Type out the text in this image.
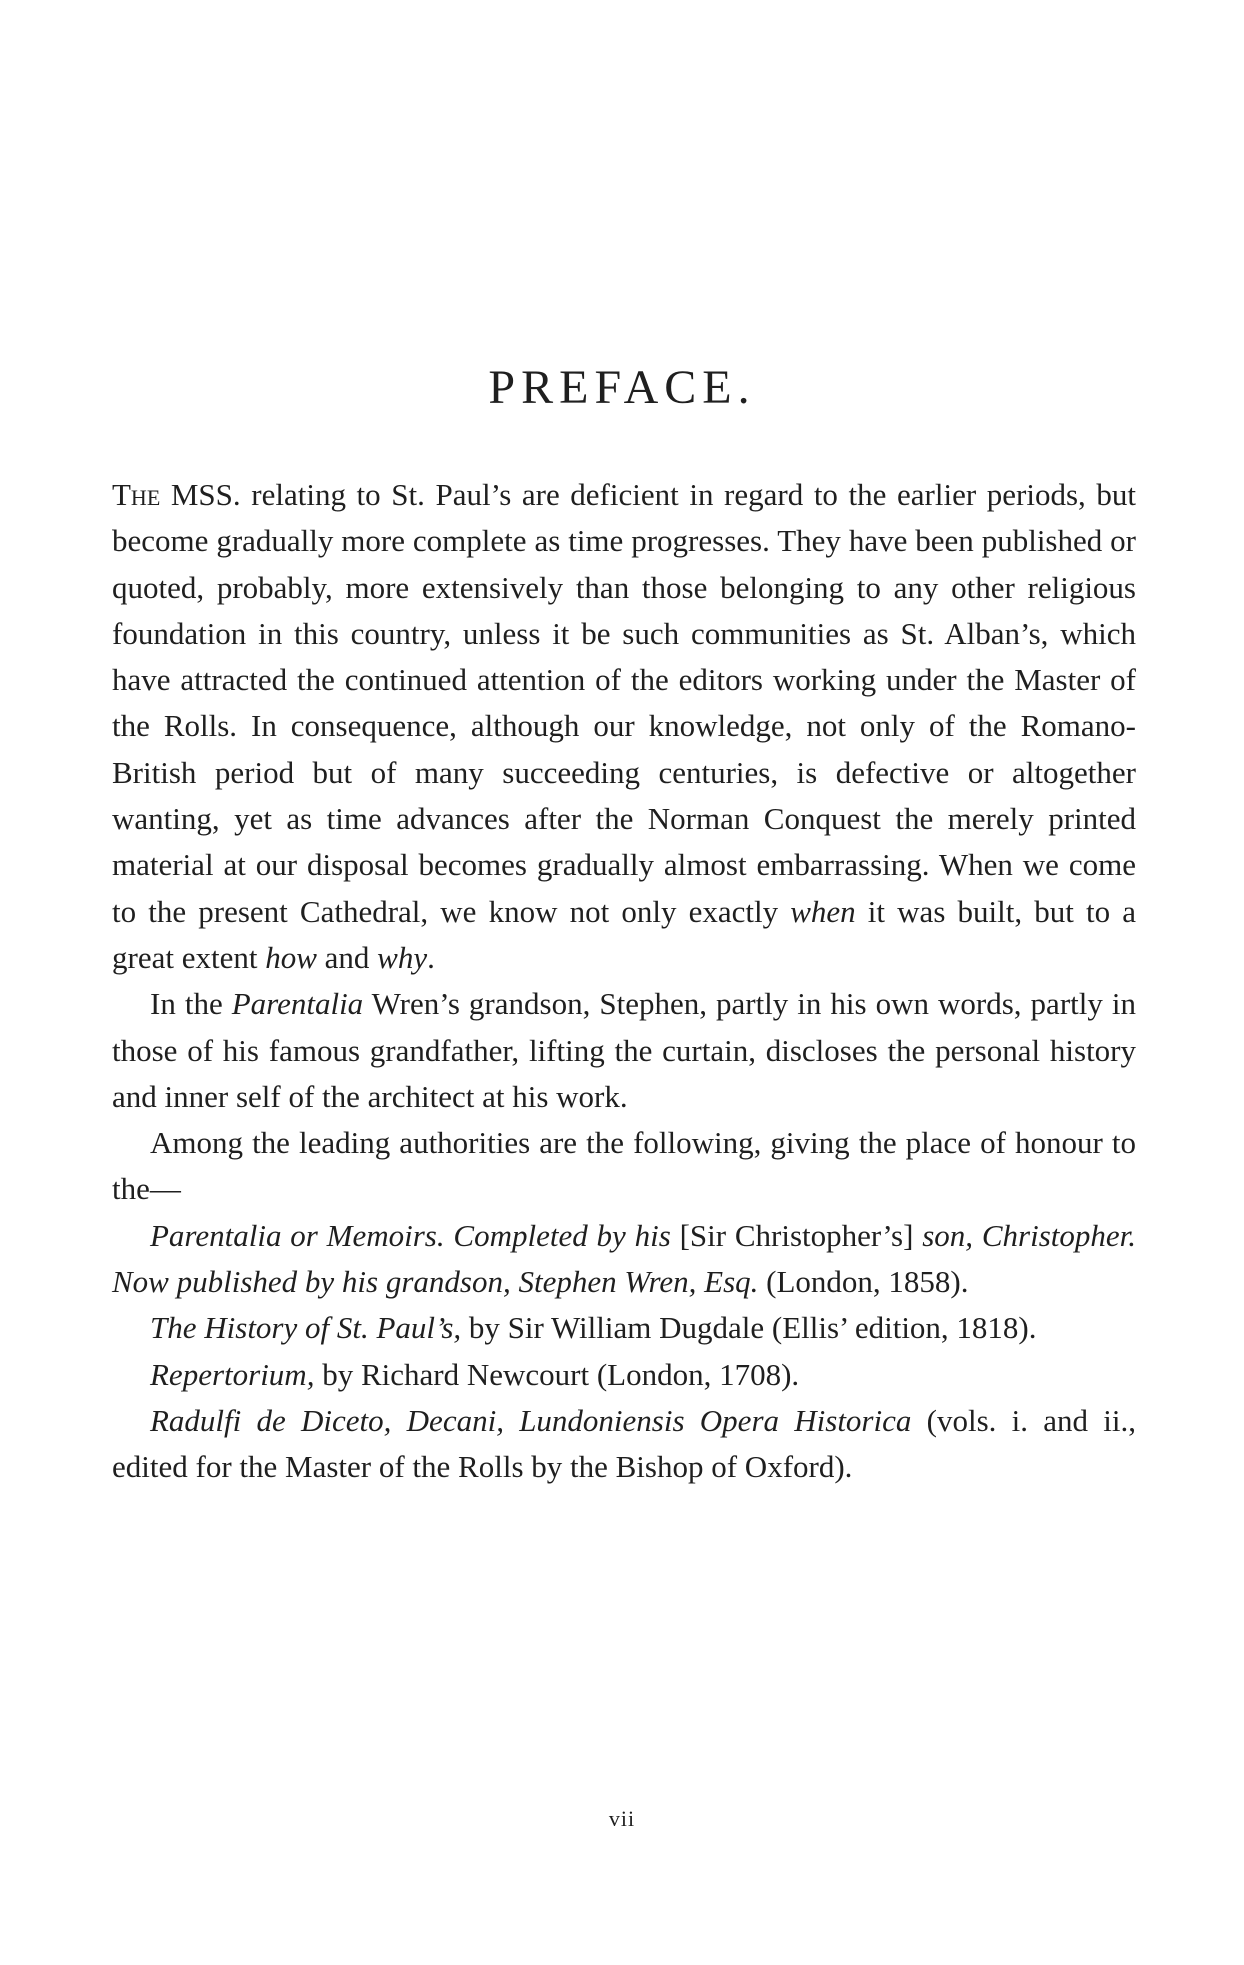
PREFACE.

The MSS. relating to St. Paul’s are deficient in regard to the earlier periods, but become gradually more complete as time progresses. They have been published or quoted, probably, more extensively than those belonging to any other religious foundation in this country, unless it be such communities as St. Alban’s, which have attracted the continued attention of the editors working under the Master of the Rolls. In consequence, although our knowledge, not only of the Romano-British period but of many succeeding centuries, is defective or altogether wanting, yet as time advances after the Norman Conquest the merely printed material at our disposal becomes gradually almost embarrassing. When we come to the present Cathedral, we know not only exactly when it was built, but to a great extent how and why.

In the Parentalia Wren’s grandson, Stephen, partly in his own words, partly in those of his famous grandfather, lifting the curtain, discloses the personal history and inner self of the architect at his work.

Among the leading authorities are the following, giving the place of honour to the—

Parentalia or Memoirs. Completed by his [Sir Christopher’s] son, Christopher. Now published by his grandson, Stephen Wren, Esq. (London, 1858).

The History of St. Paul’s, by Sir William Dugdale (Ellis’ edition, 1818).

Repertorium, by Richard Newcourt (London, 1708).

Radulfi de Diceto, Decani, Lundoniensis Opera Historica (vols. i. and ii., edited for the Master of the Rolls by the Bishop of Oxford).

vii
